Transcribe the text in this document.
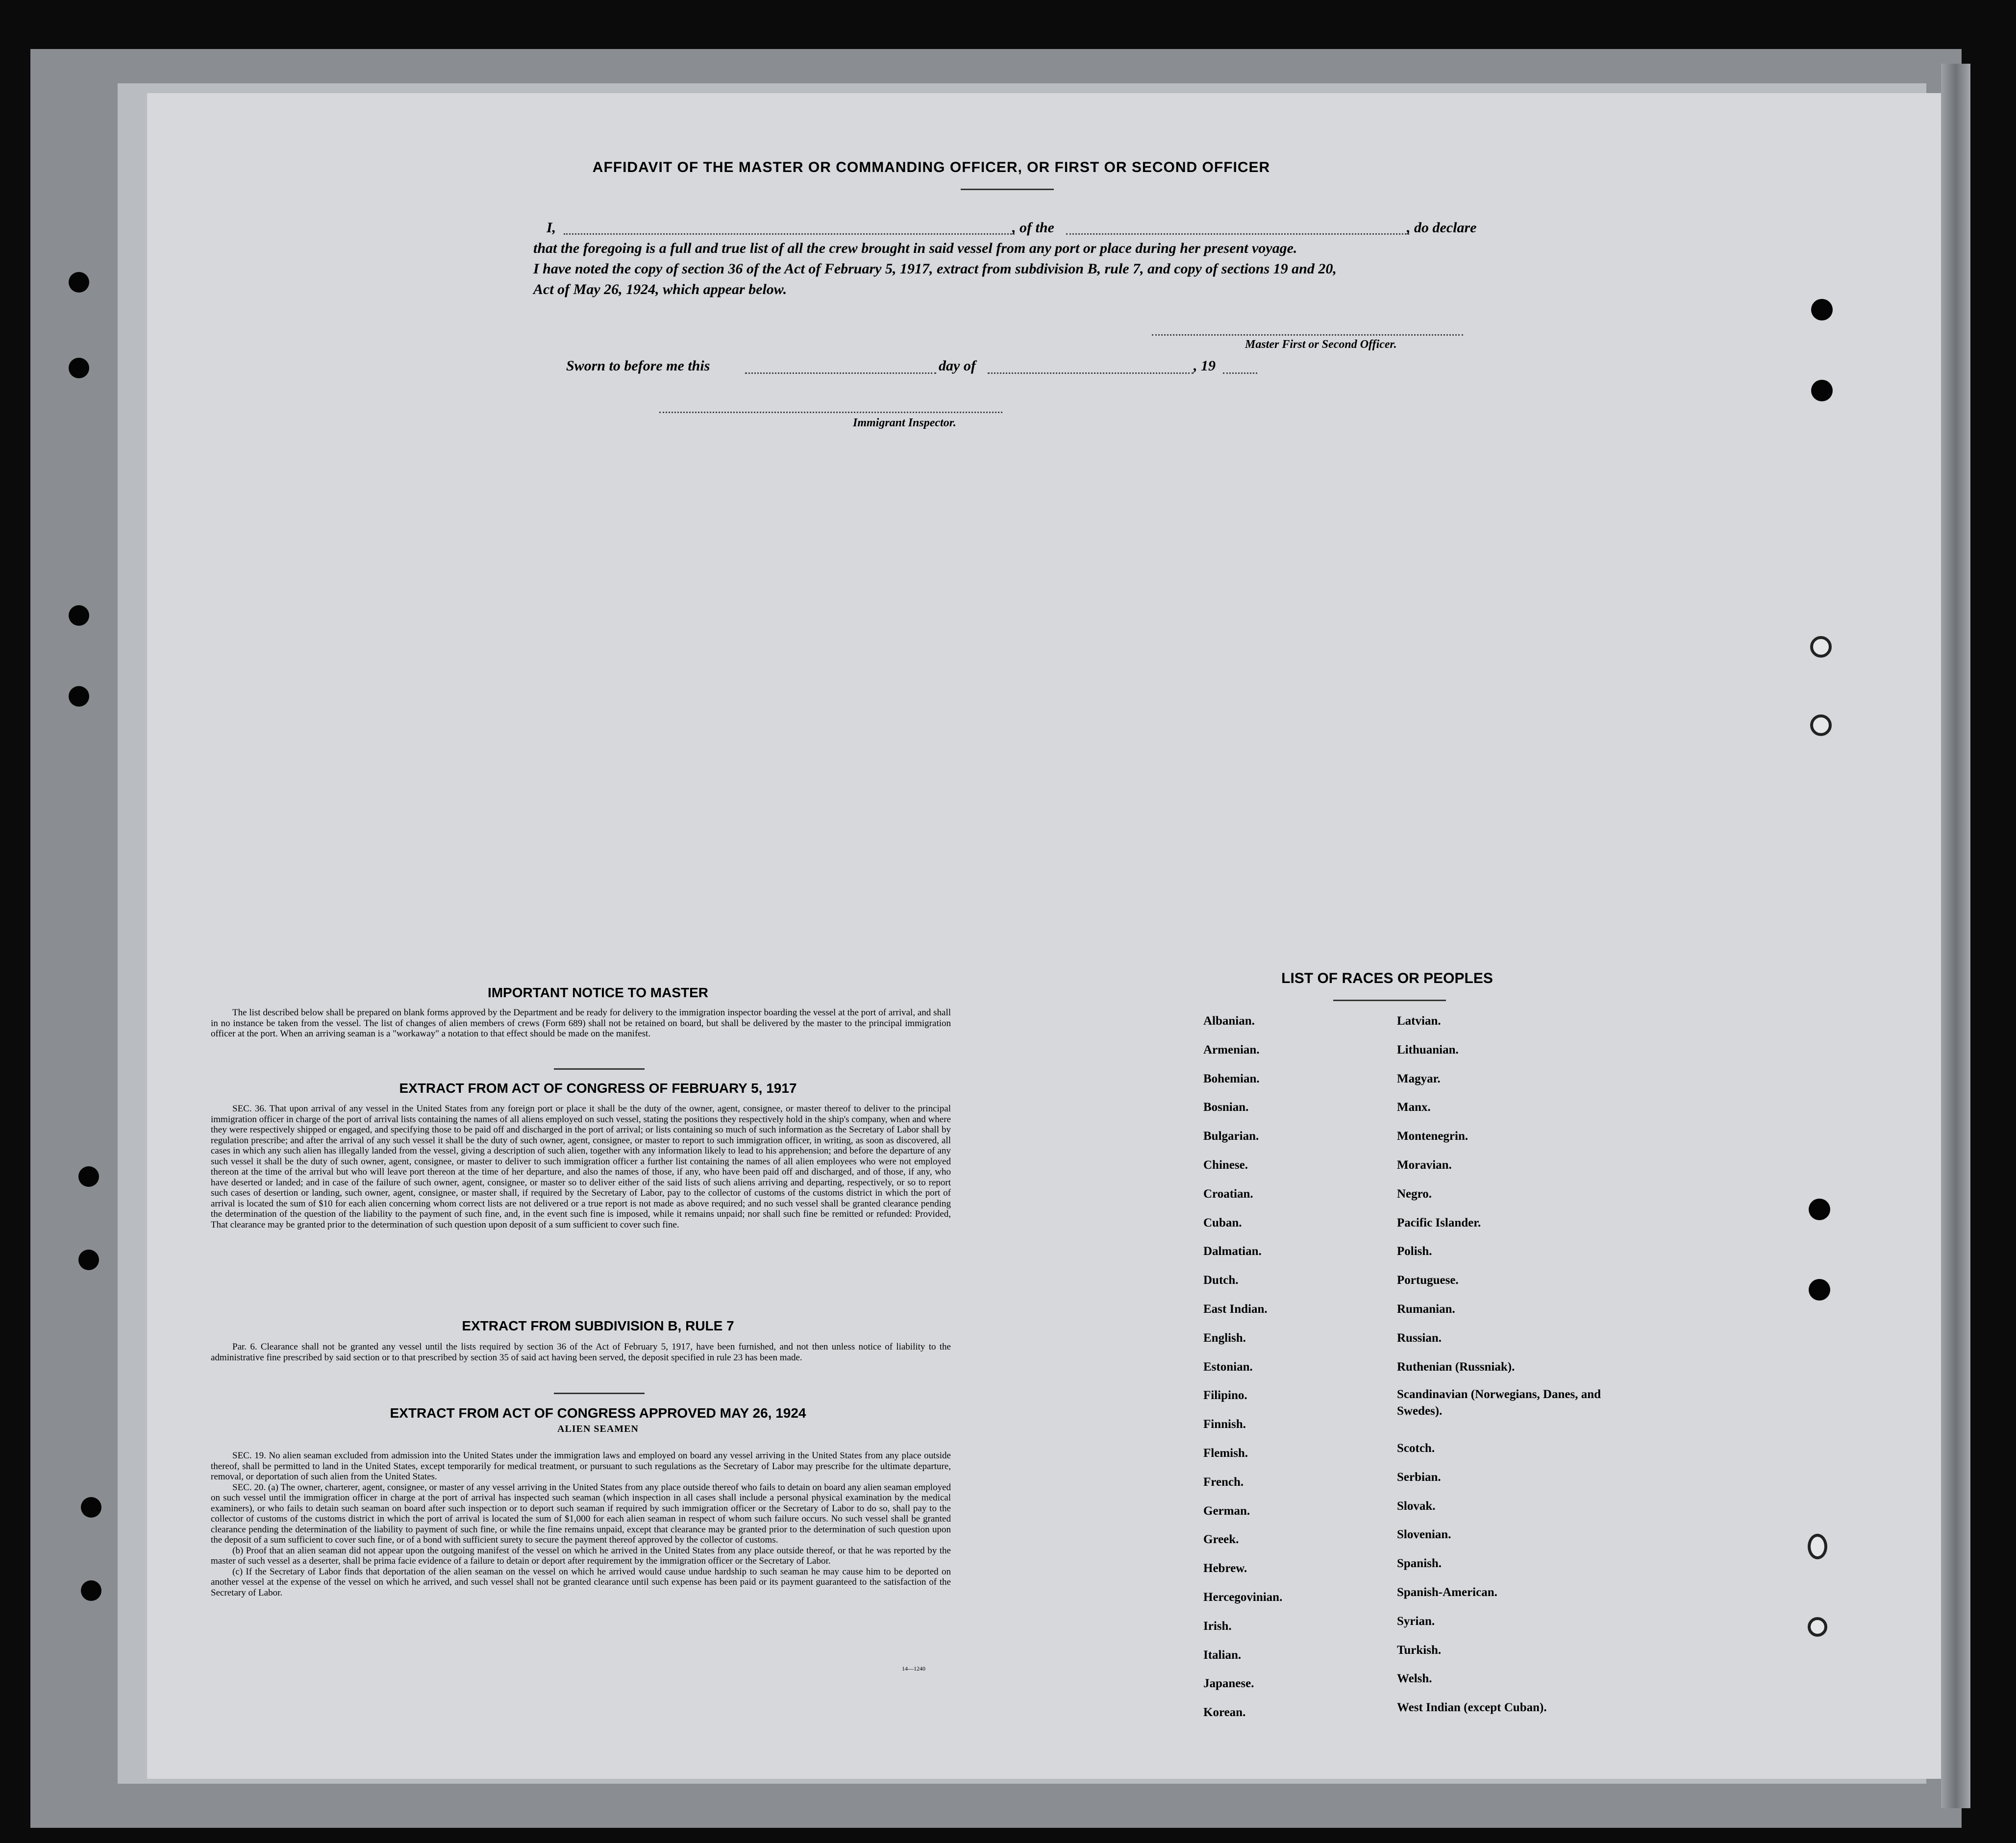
AFFIDAVIT OF THE MASTER OR COMMANDING OFFICER, OR FIRST OR SECOND OFFICER
I,	, of the	, do declare
that the foregoing is a full and true list of all the crew brought in said vessel from any port or place during her present voyage.
I have noted the copy of section 36 of the Act of February 5, 1917, extract from subdivision B, rule 7, and copy of sections 19 and 20,
Act of May 26, 1924, which appear below.
Master First or Second Officer.
Sworn to before me this	day of	, 19
Immigrant Inspector.
IMPORTANT NOTICE TO MASTER

The list described below shall be prepared on blank forms approved by the Department and be ready for delivery to the immigration inspector boarding the vessel at the port of arrival, and shall in no instance be taken from the vessel. The list of changes of alien members of crews (Form 689) shall not be retained on board, but shall be delivered by the master to the principal immigration officer at the port. When an arriving seaman is a "workaway" a notation to that effect should be made on the manifest.

EXTRACT FROM ACT OF CONGRESS OF FEBRUARY 5, 1917

SEC. 36. That upon arrival of any vessel in the United States from any foreign port or place it shall be the duty of the owner, agent, consignee, or master thereof to deliver to the principal immigration officer in charge of the port of arrival lists containing the names of all aliens employed on such vessel, stating the positions they respectively hold in the ship's company, when and where they were respectively shipped or engaged, and specifying those to be paid off and discharged in the port of arrival; or lists containing so much of such information as the Secretary of Labor shall by regulation prescribe; and after the arrival of any such vessel it shall be the duty of such owner, agent, consignee, or master to report to such immigration officer, in writing, as soon as discovered, all cases in which any such alien has illegally landed from the vessel, giving a description of such alien, together with any information likely to lead to his apprehension; and before the departure of any such vessel it shall be the duty of such owner, agent, consignee, or master to deliver to such immigration officer a further list containing the names of all alien employees who were not employed thereon at the time of the arrival but who will leave port thereon at the time of her departure, and also the names of those, if any, who have been paid off and discharged, and of those, if any, who have deserted or landed; and in case of the failure of such owner, agent, consignee, or master so to deliver either of the said lists of such aliens arriving and departing, respectively, or so to report such cases of desertion or landing, such owner, agent, consignee, or master shall, if required by the Secretary of Labor, pay to the collector of customs of the customs district in which the port of arrival is located the sum of $10 for each alien concerning whom correct lists are not delivered or a true report is not made as above required; and no such vessel shall be granted clearance pending the determination of the question of the liability to the payment of such fine, and, in the event such fine is imposed, while it remains unpaid; nor shall such fine be remitted or refunded: Provided, That clearance may be granted prior to the determination of such question upon deposit of a sum sufficient to cover such fine.

EXTRACT FROM SUBDIVISION B, RULE 7

Par. 6. Clearance shall not be granted any vessel until the lists required by section 36 of the Act of February 5, 1917, have been furnished, and not then unless notice of liability to the administrative fine prescribed by said section or to that prescribed by section 35 of said act having been served, the deposit specified in rule 23 has been made.

EXTRACT FROM ACT OF CONGRESS APPROVED MAY 26, 1924
ALIEN SEAMEN

SEC. 19. No alien seaman excluded from admission into the United States under the immigration laws and employed on board any vessel arriving in the United States from any place outside thereof, shall be permitted to land in the United States, except temporarily for medical treatment, or pursuant to such regulations as the Secretary of Labor may prescribe for the ultimate departure, removal, or deportation of such alien from the United States.

SEC. 20. (a) The owner, charterer, agent, consignee, or master of any vessel arriving in the United States from any place outside thereof who fails to detain on board any alien seaman employed on such vessel until the immigration officer in charge at the port of arrival has inspected such seaman (which inspection in all cases shall include a personal physical examination by the medical examiners), or who fails to detain such seaman on board after such inspection or to deport such seaman if required by such immigration officer or the Secretary of Labor to do so, shall pay to the collector of customs of the customs district in which the port of arrival is located the sum of $1,000 for each alien seaman in respect of whom such failure occurs. No such vessel shall be granted clearance pending the determination of the liability to payment of such fine, or while the fine remains unpaid, except that clearance may be granted prior to the determination of such question upon the deposit of a sum sufficient to cover such fine, or of a bond with sufficient surety to secure the payment thereof approved by the collector of customs.

(b) Proof that an alien seaman did not appear upon the outgoing manifest of the vessel on which he arrived in the United States from any place outside thereof, or that he was reported by the master of such vessel as a deserter, shall be prima facie evidence of a failure to detain or deport after requirement by the immigration officer or the Secretary of Labor.

(c) If the Secretary of Labor finds that deportation of the alien seaman on the vessel on which he arrived would cause undue hardship to such seaman he may cause him to be deported on another vessel at the expense of the vessel on which he arrived, and such vessel shall not be granted clearance until such expense has been paid or its payment guaranteed to the satisfaction of the Secretary of Labor.

14—1240
LIST OF RACES OR PEOPLES
Albanian.
Armenian.
Bohemian.
Bosnian.
Bulgarian.
Chinese.
Croatian.
Cuban.
Dalmatian.
Dutch.
East Indian.
English.
Estonian.
Filipino.
Finnish.
Flemish.
French.
German.
Greek.
Hebrew.
Hercegovinian.
Irish.
Italian.
Japanese.
Korean.
Latvian.
Lithuanian.
Magyar.
Manx.
Montenegrin.
Moravian.
Negro.
Pacific Islander.
Polish.
Portuguese.
Rumanian.
Russian.
Ruthenian (Russniak).
Scandinavian (Norwegians, Danes, and Swedes).
Scotch.
Serbian.
Slovak.
Slovenian.
Spanish.
Spanish-American.
Syrian.
Turkish.
Welsh.
West Indian (except Cuban).
